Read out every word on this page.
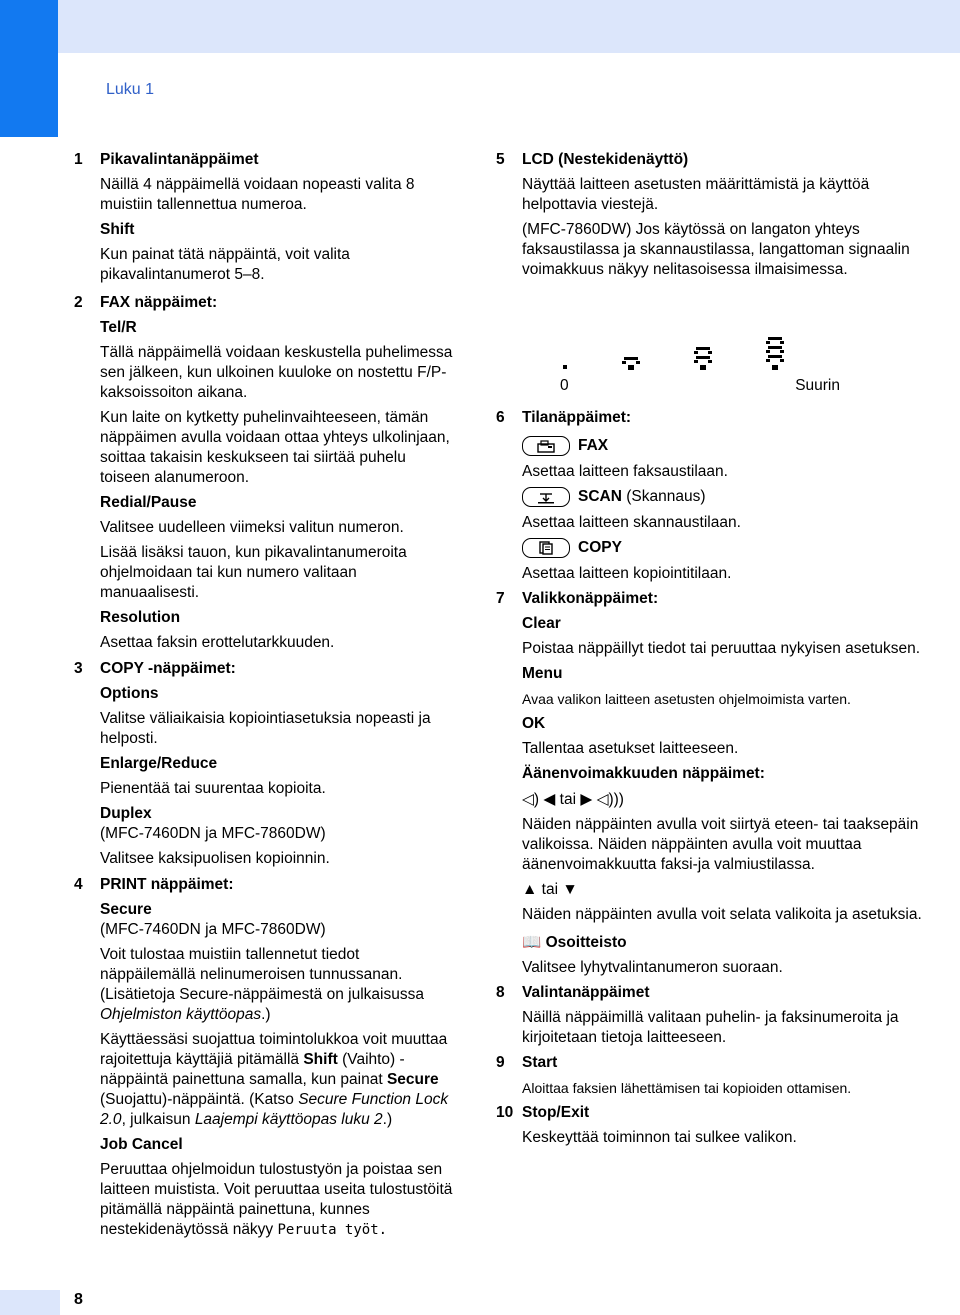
Luku 1
1 Pikavalintanäppäimet
Näillä 4 näppäimellä voidaan nopeasti valita 8 muistiin tallennettua numeroa.
Shift
Kun painat tätä näppäintä, voit valita pikavalintanumerot 5–8.
2 FAX näppäimet:
Tel/R
Tällä näppäimellä voidaan keskustella puhelimessa sen jälkeen, kun ulkoinen kuuloke on nostettu F/P-kaksoissoiton aikana.
Kun laite on kytketty puhelinvaihteeseen, tämän näppäimen avulla voidaan ottaa yhteys ulkolinjaan, soittaa takaisin keskukseen tai siirtää puhelu toiseen alanumeroon.
Redial/Pause
Valitsee uudelleen viimeksi valitun numeron.
Lisää lisäksi tauon, kun pikavalintanumeroita ohjelmoidaan tai kun numero valitaan manuaalisesti.
Resolution
Asettaa faksin erottelutarkkuuden.
3 COPY -näppäimet:
Options
Valitse väliaikaisia kopiointiasetuksia nopeasti ja helposti.
Enlarge/Reduce
Pienentää tai suurentaa kopioita.
Duplex
(MFC-7460DN ja MFC-7860DW)
Valitsee kaksipuolisen kopioinnin.
4 PRINT näppäimet:
Secure
(MFC-7460DN ja MFC-7860DW)
Voit tulostaa muistiin tallennetut tiedot näppäilemällä nelinumeroisen tunnussanan. (Lisätietoja Secure-näppäimestä on julkaisussa Ohjelmiston käyttöopas.)
Käyttäessäsi suojattua toimintolukkoa voit muuttaa rajoitettuja käyttäjiä pitämällä Shift (Vaihto) -näppäintä painettuna samalla, kun painat Secure (Suojattu)-näppäintä. (Katso Secure Function Lock 2.0, julkaisun Laajempi käyttöopas luku 2.)
Job Cancel
Peruuttaa ohjelmoidun tulostustyön ja poistaa sen laitteen muistista. Voit peruuttaa useita tulostustöitä pitämällä näppäintä painettuna, kunnes nestekidenäytössä näkyy Peruuta työt.
5 LCD (Nestekidenäyttö)
Näyttää laitteen asetusten määrittämistä ja käyttöä helpottavia viestejä.
(MFC-7860DW) Jos käytössä on langaton yhteys faksaustilassa ja skannaustilassa, langattoman signaalin voimakkuus näkyy nelitasoisessa ilmaisimessa.
0	Suurin
6 Tilanäppäimet:
FAX
Asettaa laitteen faksaustilaan.
SCAN
(Skannaus)
Asettaa laitteen skannaustilaan.
COPY
Asettaa laitteen kopiointitilaan.
7 Valikkonäppäimet:
Clear
Poistaa näppäillyt tiedot tai peruuttaa nykyisen asetuksen.
Menu
Avaa valikon laitteen asetusten ohjelmoimista varten.
OK
Tallentaa asetukset laitteeseen.
Äänenvoimakkuuden näppäimet:
◁) ◀ tai ▶ ◁)))
Näiden näppäinten avulla voit siirtyä eteen- tai taaksepäin valikoissa. Näiden näppäinten avulla voit muuttaa äänenvoimakkuutta faksi-ja valmiustilassa.
▲ tai ▼
Näiden näppäinten avulla voit selata valikoita ja asetuksia.
📖 Osoitteisto
Valitsee lyhytvalintanumeron suoraan.
8 Valintanäppäimet
Näillä näppäimillä valitaan puhelin- ja faksinumeroita ja kirjoitetaan tietoja laitteeseen.
9 Start
Aloittaa faksien lähettämisen tai kopioiden ottamisen.
10 Stop/Exit
Keskeyttää toiminnon tai sulkee valikon.
8
